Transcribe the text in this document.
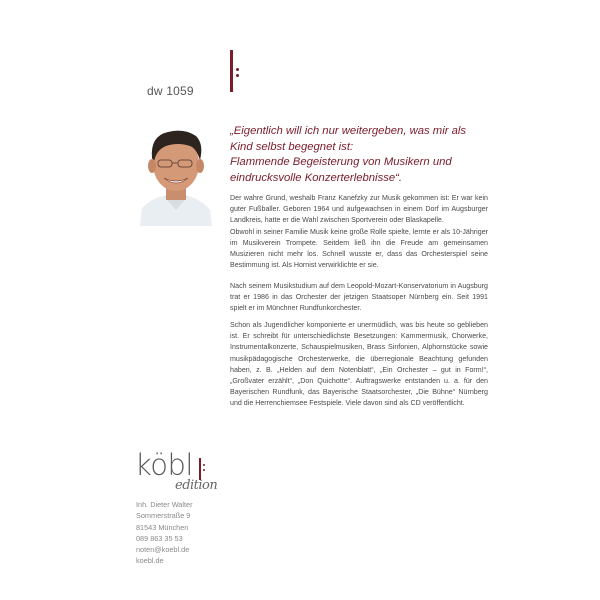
dw 1059

„Eigentlich will ich nur weitergeben, was mir als

Kind selbst begegnet ist:

Flammende Begeisterung von Musikern und

eindrucksvolle Konzerterlebnisse“.

Der wahre Grund, weshalb Franz Kanefzky zur Musik gekommen ist: Er war kein guter Fußballer. Geboren 1964 und aufgewachsen in einem Dorf im Augsburger Landkreis, hatte er die Wahl zwischen Sportverein oder Blaskapelle.

Obwohl in seiner Familie Musik keine große Rolle spielte, lernte er als 10-Jähriger im Musikverein Trompete. Seitdem ließ ihn die Freude am gemeinsamen Musizieren nicht mehr los. Schnell wusste er, dass das Orchesterspiel seine Bestimmung ist. Als Hornist verwirklichte er sie.

Nach seinem Musikstudium auf dem Leopold-Mozart-Konservatorium in Augsburg trat er 1986 in das Orchester der jetzigen Staatsoper Nürnberg ein. Seit 1991 spielt er im Münchner Rundfunkorchester.

Schon als Jugendlicher komponierte er unermüdlich, was bis heute so geblieben ist. Er schreibt für unterschiedlichste Besetzungen: Kammermusik, Chorwerke, Instrumentalkonzerte, Schauspielmusiken, Brass Sinfonien, Alphornstücke sowie musikpädagogische Orchesterwerke, die überregionale Beachtung gefunden haben, z. B. „Helden auf dem Notenblatt“, „Ein Orchester – gut in Form!“, „Großvater erzählt“, „Don Quichotte“. Auftragswerke entstanden u. a. für den Bayerischen Rundfunk, das Bayerische Staatsorchester, „Die Bühne“ Nürnberg und die Herrenchiemsee Festspiele. Viele davon sind als CD veröffentlicht.

köbl
edition
Inh. Dieter Walter
Sommerstraße 9
81543 München
089 863 35 53
noten@koebl.de
koebl.de
